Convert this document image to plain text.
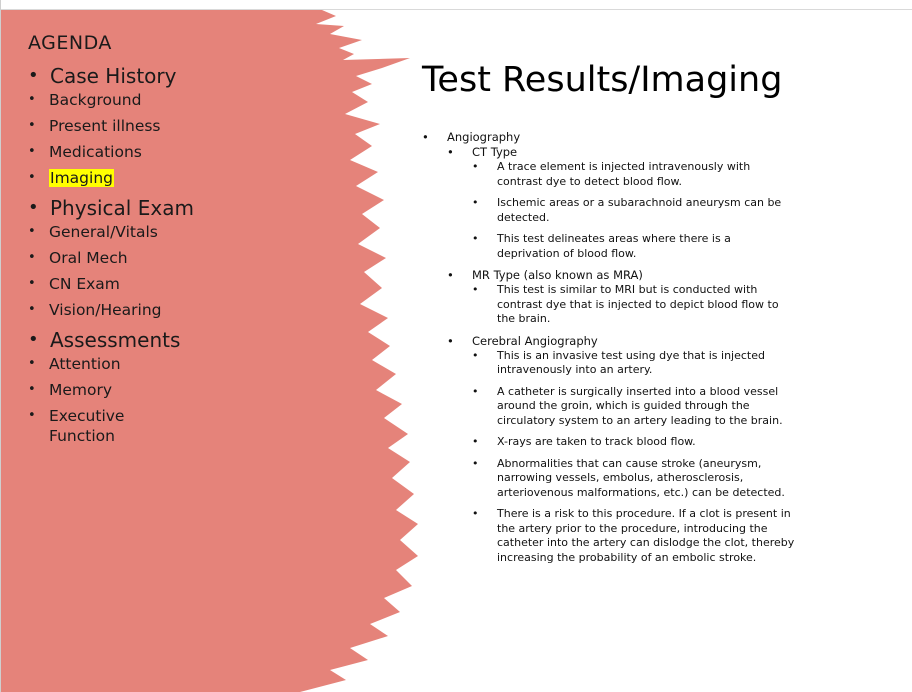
AGENDA
• Case History
• Background
• Present illness
• Medications
• Imaging
• Physical Exam
• General/Vitals
• Oral Mech
• CN Exam
• Vision/Hearing
• Assessments
• Attention
• Memory
• Executive Function
Test Results/Imaging
• Angiography
• CT Type
• A trace element is injected intravenously with contrast dye to detect blood flow.
• Ischemic areas or a subarachnoid aneurysm can be detected.
• This test delineates areas where there is a deprivation of blood flow.
• MR Type (also known as MRA)
• This test is similar to MRI but is conducted with contrast dye that is injected to depict blood flow to the brain.
• Cerebral Angiography
• This is an invasive test using dye that is injected intravenously into an artery.
• A catheter is surgically inserted into a blood vessel around the groin, which is guided through the circulatory system to an artery leading to the brain.
• X-rays are taken to track blood flow.
• Abnormalities that can cause stroke (aneurysm, narrowing vessels, embolus, atherosclerosis, arteriovenous malformations, etc.) can be detected.
• There is a risk to this procedure. If a clot is present in the artery prior to the procedure, introducing the catheter into the artery can dislodge the clot, thereby increasing the probability of an embolic stroke.
